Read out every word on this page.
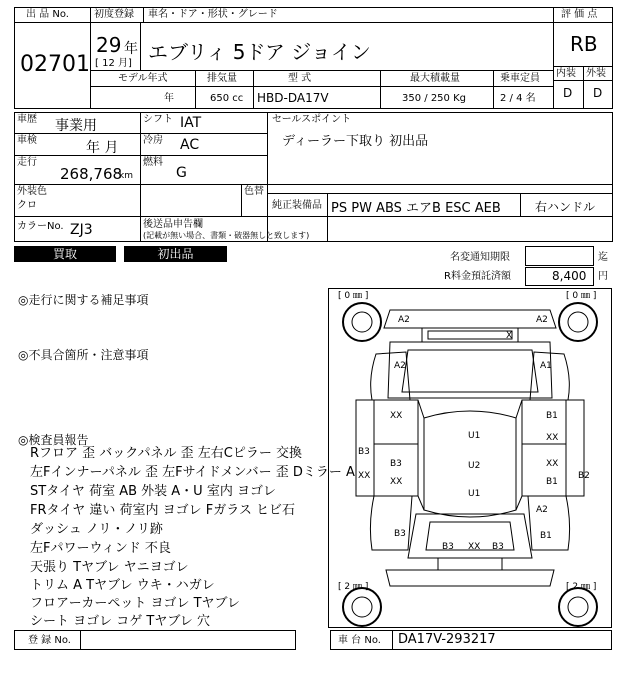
出 品 No.
02701
初度登録 車名・ドア・形状・グレード
29 年
[ 12 月] エブリィ 5ドア ジョイン
評 価 点
RB
内装 外装
D D
モデル年式	排気量	型 式	最大積載量	乗車定員
年	650 cc HBD-DA17V	350 / 250 Kg	2 / 4 名
車歴 事業用	シフト IAT
車検	年 月 冷房 AC
走行
268,768
km
燃料
G
セールスポイント
ディーラー下取り 初出品
外装色
クロ
色替
純正装備品 PS PW ABS エアB ESC AEB	右ハンドル
カラーNo. ZJ3	後送品申告欄
(記載が無い場合、書類・破器無しと致します)
買取	初出品	名変通知期限	迄
R料金預託済額	8,400 円
◎走行に関する補足事項
◎不具合箇所・注意事項
◎検査員報告
Rフロア 歪 バックパネル 歪 左右Cピラー 交換
左Fインナーパネル 歪 左Fサイドメンバー 歪 Dミラー A
STタイヤ 荷室 AB 外装 A・U 室内 ヨゴレ
FRタイヤ 違い 荷室内 ヨゴレ Fガラス ヒビ石
ダッシュ ノリ・ノリ跡
左Fパワーウィンド 不良
天張り Tヤブレ ヤニヨゴレ
トリム A Tヤブレ ウキ・ハガレ
フロアーカーペット ヨゴレ Tヤブレ
シート ヨゴレ コゲ Tヤブレ 穴
[ 0 ㎜ ]	[ 0 ㎜ ]
[ 2 ㎜ ]	[ 2 ㎜ ]
A2	A2
X
A2	A1
XX	B1
XX
U1
U2
U1
B3
XX
B3
XX
XX
B1
B2
B3
A2
B1
B3 XX B3
登 録 No.	車 台 No. DA17V-293217
